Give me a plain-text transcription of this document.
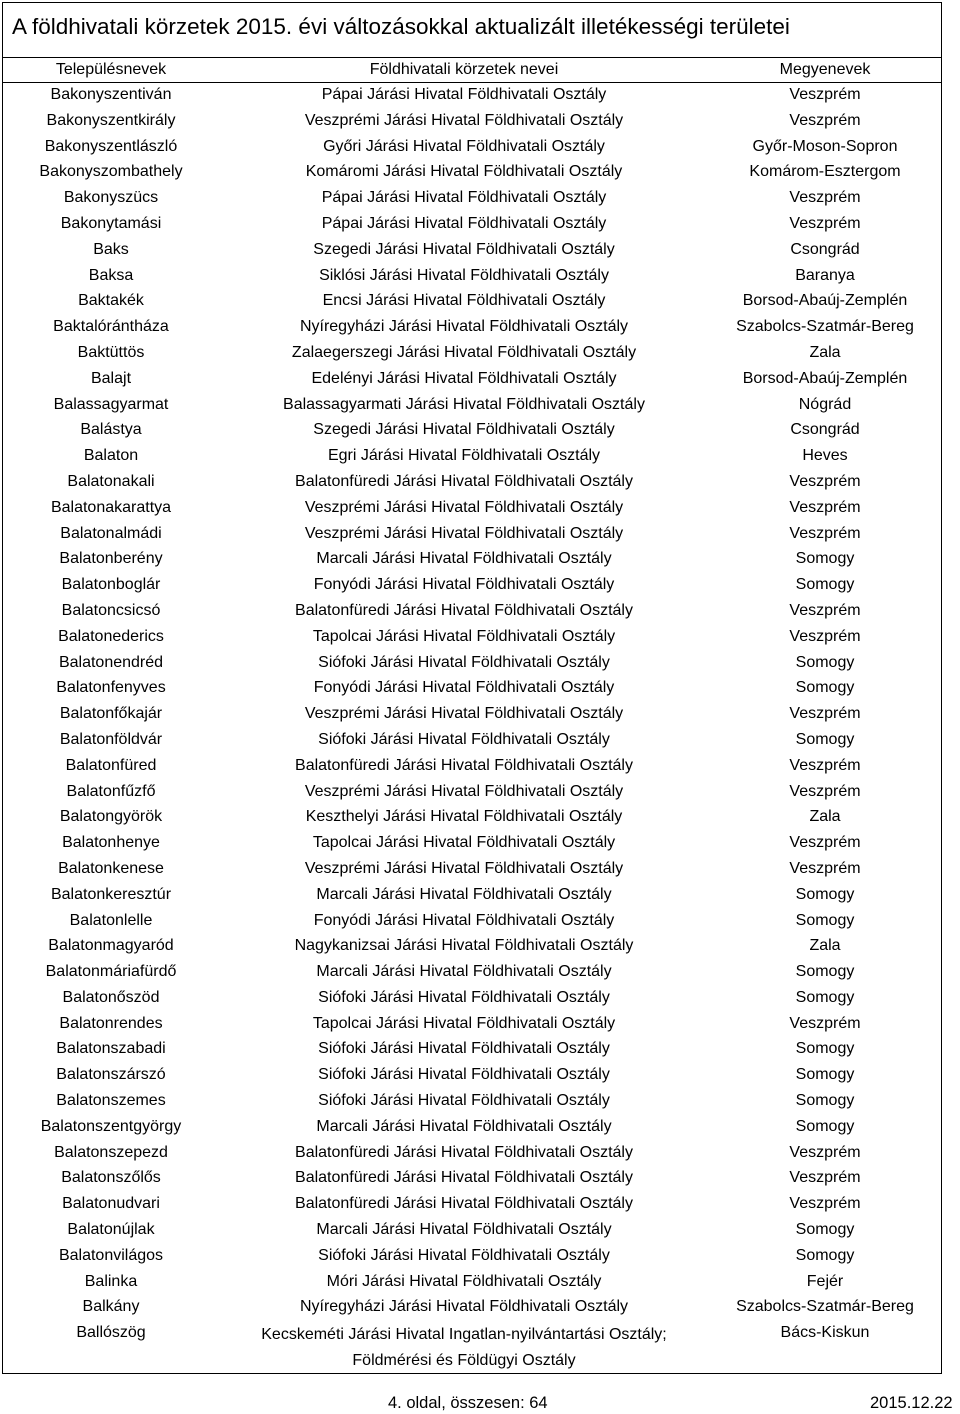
A földhivatali körzetek 2015. évi változásokkal aktualizált illetékességi területei
Településnevek	Földhivatali körzetek nevei	Megyenevek
Bakonyszentiván	Pápai Járási Hivatal Földhivatali Osztály	Veszprém
Bakonyszentkirály	Veszprémi Járási Hivatal Földhivatali Osztály	Veszprém
Bakonyszentlászló	Győri Járási Hivatal Földhivatali Osztály	Győr-Moson-Sopron
Bakonyszombathely	Komáromi Járási Hivatal Földhivatali Osztály	Komárom-Esztergom
Bakonyszücs	Pápai Járási Hivatal Földhivatali Osztály	Veszprém
Bakonytamási	Pápai Járási Hivatal Földhivatali Osztály	Veszprém
Baks	Szegedi Járási Hivatal Földhivatali Osztály	Csongrád
Baksa	Siklósi Járási Hivatal Földhivatali Osztály	Baranya
Baktakék	Encsi Járási Hivatal Földhivatali Osztály	Borsod-Abaúj-Zemplén
Baktalórántháza	Nyíregyházi Járási Hivatal Földhivatali Osztály	Szabolcs-Szatmár-Bereg
Baktüttös	Zalaegerszegi Járási Hivatal Földhivatali Osztály	Zala
Balajt	Edelényi Járási Hivatal Földhivatali Osztály	Borsod-Abaúj-Zemplén
Balassagyarmat	Balassagyarmati Járási Hivatal Földhivatali Osztály	Nógrád
Balástya	Szegedi Járási Hivatal Földhivatali Osztály	Csongrád
Balaton	Egri Járási Hivatal Földhivatali Osztály	Heves
Balatonakali	Balatonfüredi Járási Hivatal Földhivatali Osztály	Veszprém
Balatonakarattya	Veszprémi Járási Hivatal Földhivatali Osztály	Veszprém
Balatonalmádi	Veszprémi Járási Hivatal Földhivatali Osztály	Veszprém
Balatonberény	Marcali Járási Hivatal Földhivatali Osztály	Somogy
Balatonboglár	Fonyódi Járási Hivatal Földhivatali Osztály	Somogy
Balatoncsicsó	Balatonfüredi Járási Hivatal Földhivatali Osztály	Veszprém
Balatonederics	Tapolcai Járási Hivatal Földhivatali Osztály	Veszprém
Balatonendréd	Siófoki Járási Hivatal Földhivatali Osztály	Somogy
Balatonfenyves	Fonyódi Járási Hivatal Földhivatali Osztály	Somogy
Balatonfőkajár	Veszprémi Járási Hivatal Földhivatali Osztály	Veszprém
Balatonföldvár	Siófoki Járási Hivatal Földhivatali Osztály	Somogy
Balatonfüred	Balatonfüredi Járási Hivatal Földhivatali Osztály	Veszprém
Balatonfűzfő	Veszprémi Járási Hivatal Földhivatali Osztály	Veszprém
Balatongyörök	Keszthelyi Járási Hivatal Földhivatali Osztály	Zala
Balatonhenye	Tapolcai Járási Hivatal Földhivatali Osztály	Veszprém
Balatonkenese	Veszprémi Járási Hivatal Földhivatali Osztály	Veszprém
Balatonkeresztúr	Marcali Járási Hivatal Földhivatali Osztály	Somogy
Balatonlelle	Fonyódi Járási Hivatal Földhivatali Osztály	Somogy
Balatonmagyaród	Nagykanizsai Járási Hivatal Földhivatali Osztály	Zala
Balatonmáriafürdő	Marcali Járási Hivatal Földhivatali Osztály	Somogy
Balatonőszöd	Siófoki Járási Hivatal Földhivatali Osztály	Somogy
Balatonrendes	Tapolcai Járási Hivatal Földhivatali Osztály	Veszprém
Balatonszabadi	Siófoki Járási Hivatal Földhivatali Osztály	Somogy
Balatonszárszó	Siófoki Járási Hivatal Földhivatali Osztály	Somogy
Balatonszemes	Siófoki Járási Hivatal Földhivatali Osztály	Somogy
Balatonszentgyörgy	Marcali Járási Hivatal Földhivatali Osztály	Somogy
Balatonszepezd	Balatonfüredi Járási Hivatal Földhivatali Osztály	Veszprém
Balatonszőlős	Balatonfüredi Járási Hivatal Földhivatali Osztály	Veszprém
Balatonudvari	Balatonfüredi Járási Hivatal Földhivatali Osztály	Veszprém
Balatonújlak	Marcali Járási Hivatal Földhivatali Osztály	Somogy
Balatonvilágos	Siófoki Járási Hivatal Földhivatali Osztály	Somogy
Balinka	Móri Járási Hivatal Földhivatali Osztály	Fejér
Balkány	Nyíregyházi Járási Hivatal Földhivatali Osztály	Szabolcs-Szatmár-Bereg
Ballószög	Kecskeméti Járási Hivatal Ingatlan-nyilvántartási Osztály; Földmérési és Földügyi Osztály	Bács-Kiskun
4. oldal, összesen: 64	2015.12.22
